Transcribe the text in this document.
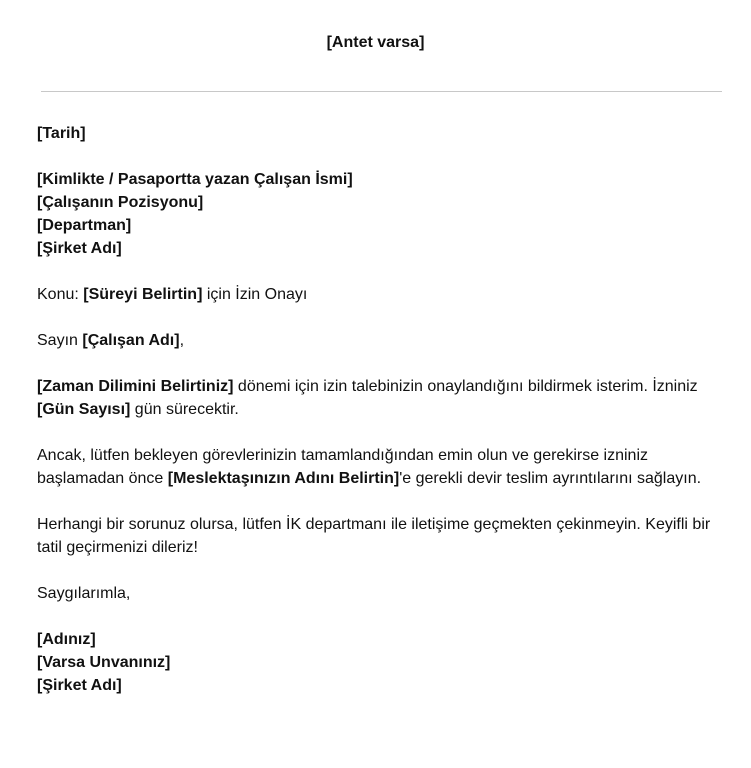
[Antet varsa]

[Tarih]

[Kimlikte / Pasaportta yazan Çalışan İsmi]
[Çalışanın Pozisyonu]
[Departman]
[Şirket Adı]

Konu: [Süreyi Belirtin] için İzin Onayı

Sayın [Çalışan Adı],

[Zaman Dilimini Belirtiniz] dönemi için izin talebinizin onaylandığını bildirmek isterim. İzniniz [Gün Sayısı] gün sürecektir.

Ancak, lütfen bekleyen görevlerinizin tamamlandığından emin olun ve gerekirse izniniz başlamadan önce [Meslektaşınızın Adını Belirtin]'e gerekli devir teslim ayrıntılarını sağlayın.

Herhangi bir sorunuz olursa, lütfen İK departmanı ile iletişime geçmekten çekinmeyin. Keyifli bir tatil geçirmenizi dileriz!

Saygılarımla,

[Adınız]
[Varsa Unvanınız]
[Şirket Adı]
